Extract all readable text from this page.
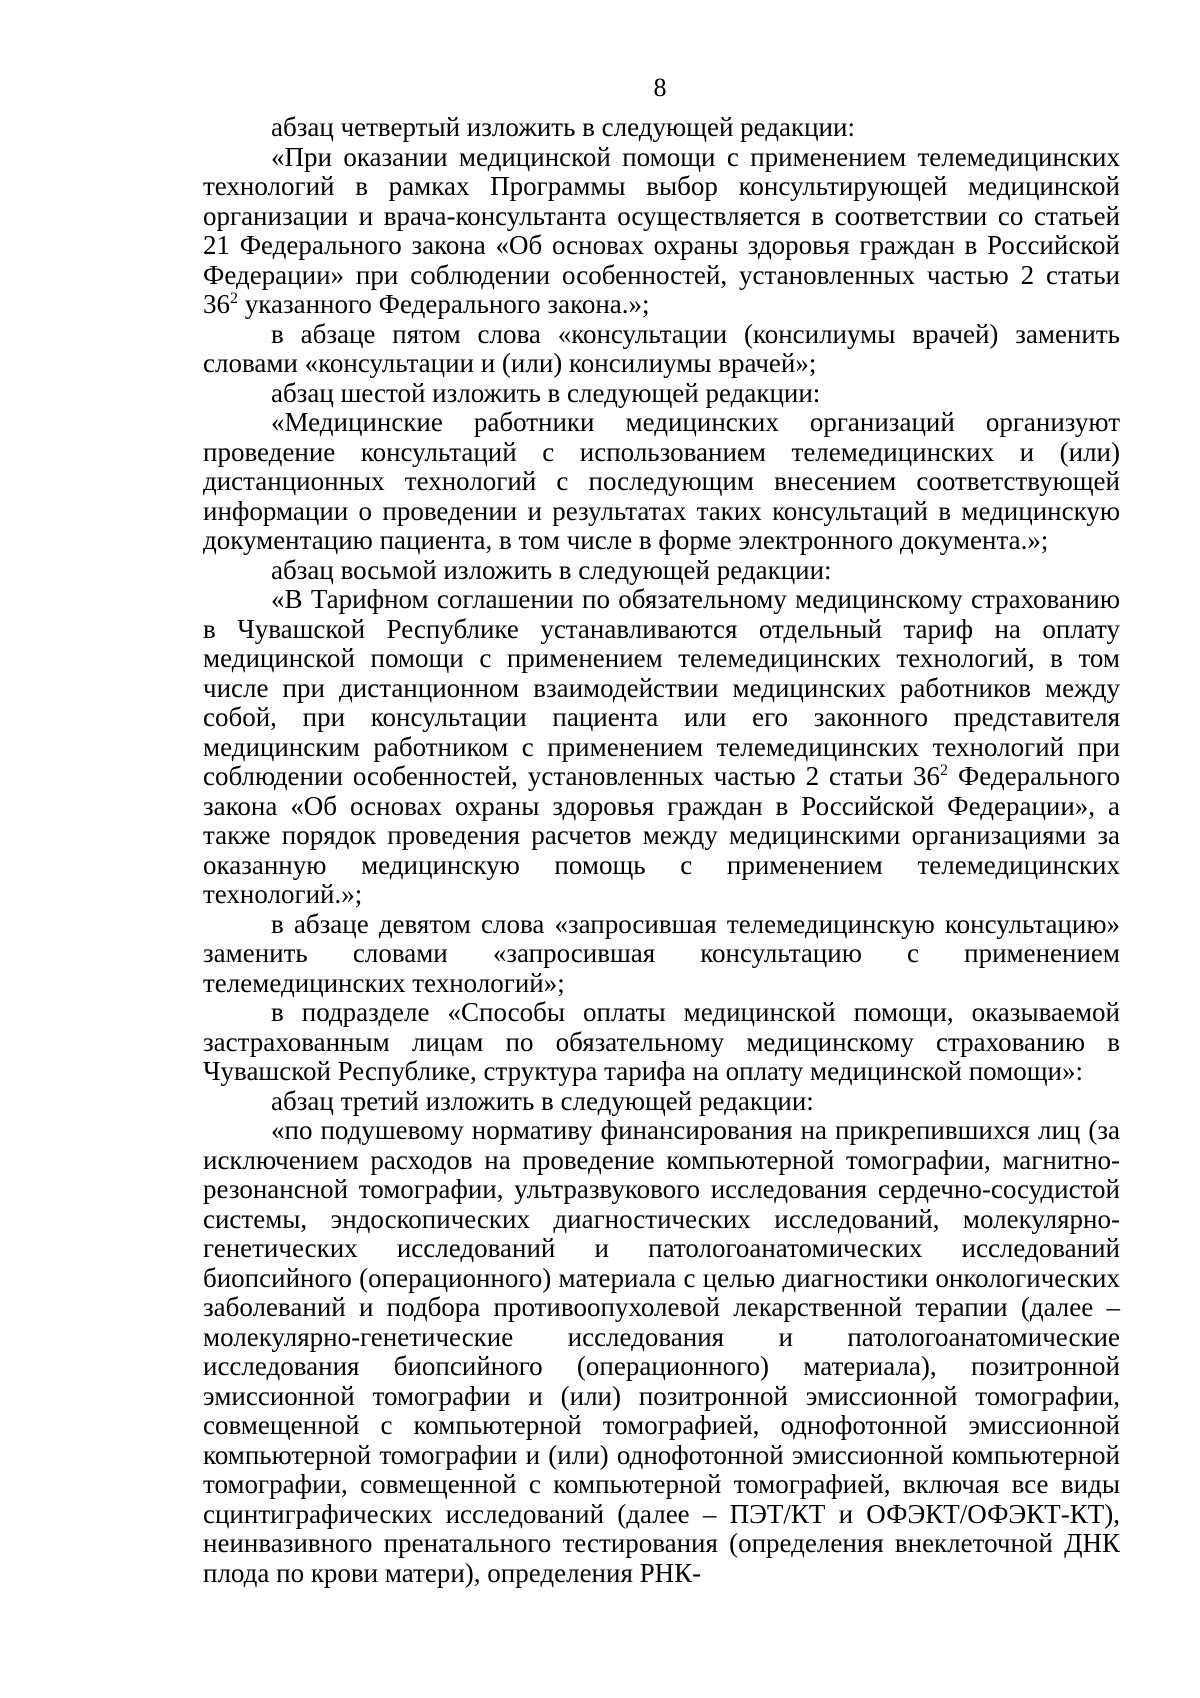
8

абзац четвертый изложить в следующей редакции:

«При оказании медицинской помощи с применением телемедицинских технологий в рамках Программы выбор консультирующей медицинской организации и врача-консультанта осуществляется в соответствии со статьей 21 Федерального закона «Об основах охраны здоровья граждан в Российской Федерации» при соблюдении особенностей, установленных частью 2 статьи $36^2$ указанного Федерального закона.»;

в абзаце пятом слова «консультации (консилиумы врачей) заменить словами «консультации и (или) консилиумы врачей»;

абзац шестой изложить в следующей редакции:

«Медицинские работники медицинских организаций организуют проведение консультаций с использованием телемедицинских и (или) дистанционных технологий с последующим внесением соответствующей информации о проведении и результатах таких консультаций в медицинскую документацию пациента, в том числе в форме электронного документа.»;

абзац восьмой изложить в следующей редакции:

«В Тарифном соглашении по обязательному медицинскому страхованию в Чувашской Республике устанавливаются отдельный тариф на оплату медицинской помощи с применением телемедицинских технологий, в том числе при дистанционном взаимодействии медицинских работников между собой, при консультации пациента или его законного представителя медицинским работником с применением телемедицинских технологий при соблюдении особенностей, установленных частью 2 статьи $36^2$ Федерального закона «Об основах охраны здоровья граждан в Российской Федерации», а также порядок проведения расчетов между медицинскими организациями за оказанную медицинскую помощь с применением телемедицинских технологий.»;

в абзаце девятом слова «запросившая телемедицинскую консультацию» заменить словами «запросившая консультацию с применением телемедицинских технологий»;

в подразделе «Способы оплаты медицинской помощи, оказываемой застрахованным лицам по обязательному медицинскому страхованию в Чувашской Республике, структура тарифа на оплату медицинской помощи»:

абзац третий изложить в следующей редакции:

«по подушевому нормативу финансирования на прикрепившихся лиц (за исключением расходов на проведение компьютерной томографии, магнитно-резонансной томографии, ультразвукового исследования сердечно-сосудистой системы, эндоскопических диагностических исследований, молекулярно-генетических исследований и патологоанатомических исследований биопсийного (операционного) материала с целью диагностики онкологических заболеваний и подбора противоопухолевой лекарственной терапии (далее – молекулярно-генетические исследования и патологоанатомические исследования биопсийного (операционного) материала), позитронной эмиссионной томографии и (или) позитронной эмиссионной томографии, совмещенной с компьютерной томографией, однофотонной эмиссионной компьютерной томографии и (или) однофотонной эмиссионной компьютерной томографии, совмещенной с компьютерной томографией, включая все виды сцинтиграфических исследований (далее – ПЭТ/КТ и ОФЭКТ/ОФЭКТ-КТ), неинвазивного пренатального тестирования (определения внеклеточной ДНК плода по крови матери), определения РНК-
